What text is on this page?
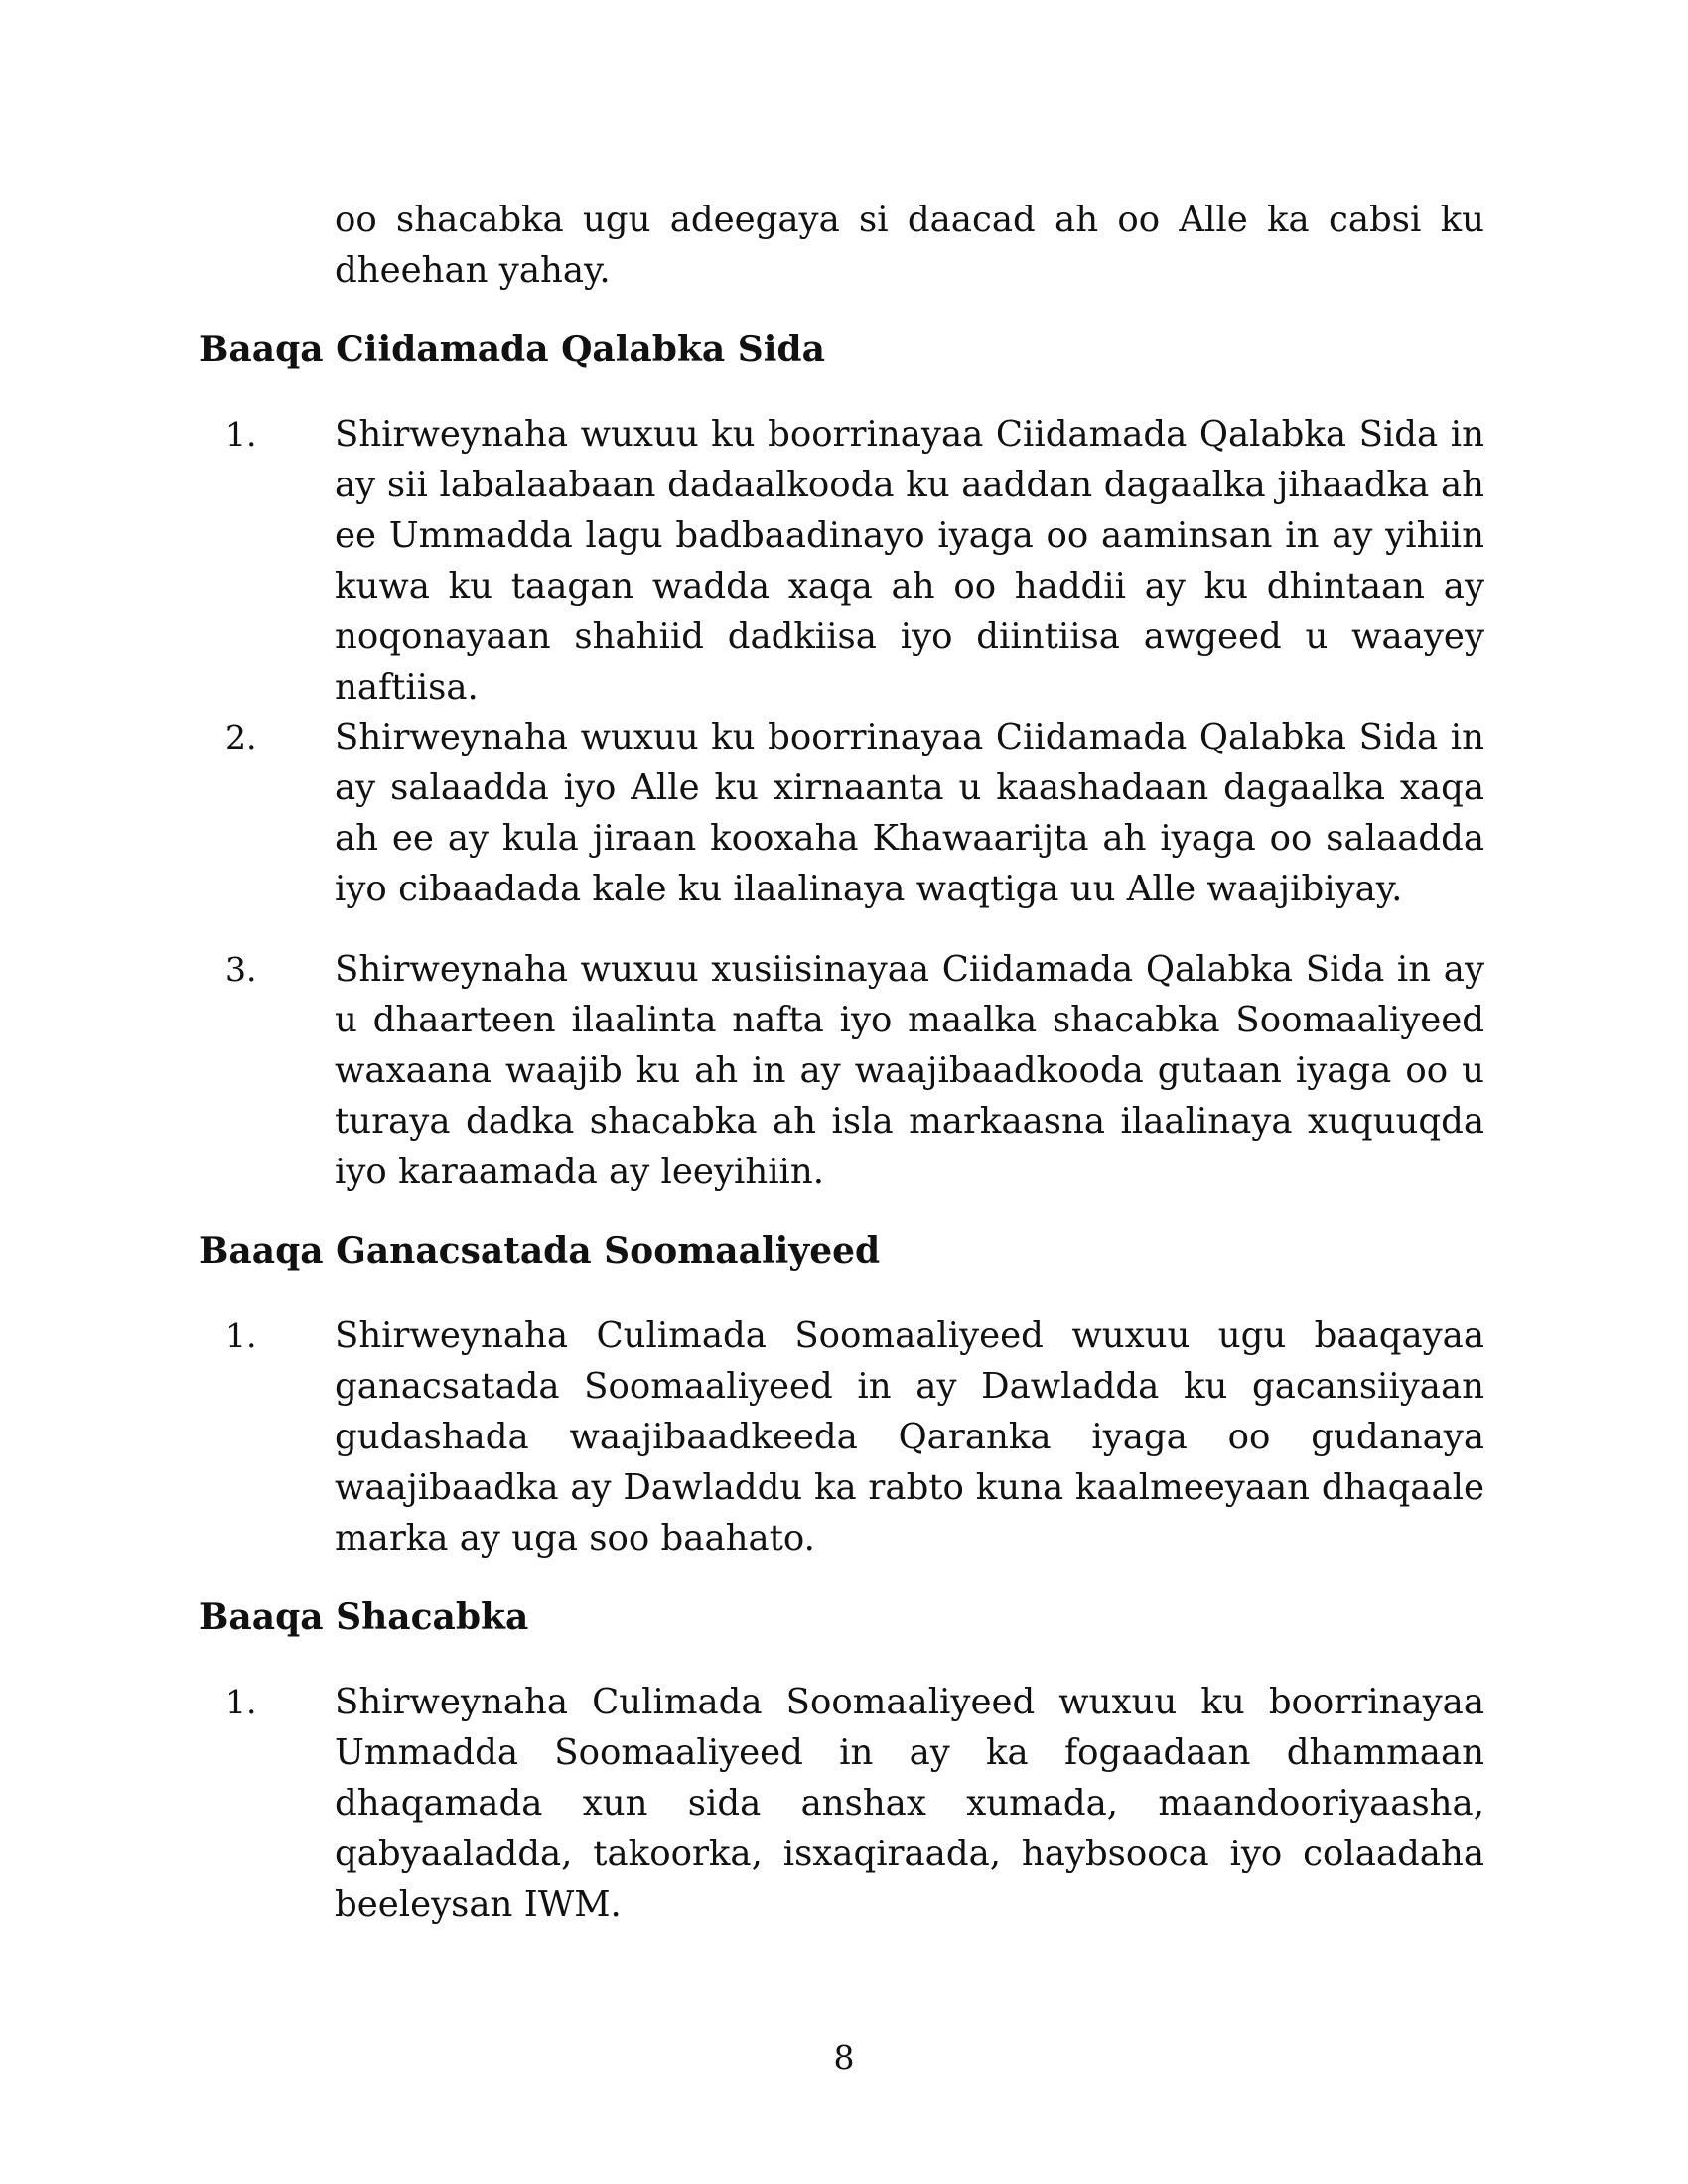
oo shacabka ugu adeegaya si daacad ah oo Alle ka cabsi ku dheehan yahay.

Baaqa Ciidamada Qalabka Sida
1. Shirweynaha wuxuu ku boorrinayaa Ciidamada Qalabka Sida in ay sii labalaabaan dadaalkooda ku aaddan dagaalka jihaadka ah ee Ummadda lagu badbaadinayo iyaga oo aaminsan in ay yihiin kuwa ku taagan wadda xaqa ah oo haddii ay ku dhintaan ay noqonayaan shahiid dadkiisa iyo diintiisa awgeed u waayey naftiisa.

2. Shirweynaha wuxuu ku boorrinayaa Ciidamada Qalabka Sida in ay salaadda iyo Alle ku xirnaanta u kaashadaan dagaalka xaqa ah ee ay kula jiraan kooxaha Khawaarijta ah iyaga oo salaadda iyo cibaadada kale ku ilaalinaya waqtiga uu Alle waajibiyay.

3. Shirweynaha wuxuu xusiisinayaa Ciidamada Qalabka Sida in ay u dhaarteen ilaalinta nafta iyo maalka shacabka Soomaaliyeed waxaana waajib ku ah in ay waajibaadkooda gutaan iyaga oo u turaya dadka shacabka ah isla markaasna ilaalinaya xuquuqda iyo karaamada ay leeyihiin.

Baaqa Ganacsatada Soomaaliyeed
1. Shirweynaha Culimada Soomaaliyeed wuxuu ugu baaqayaa ganacsatada Soomaaliyeed in ay Dawladda ku gacansiiyaan gudashada waajibaadkeeda Qaranka iyaga oo gudanaya waajibaadka ay Dawladdu ka rabto kuna kaalmeeyaan dhaqaale marka ay uga soo baahato.

Baaqa Shacabka
1. Shirweynaha Culimada Soomaaliyeed wuxuu ku boorrinayaa Ummadda Soomaaliyeed in ay ka fogaadaan dhammaan dhaqamada xun sida anshax xumada, maandooriyaasha, qabyaaladda, takoorka, isxaqiraada, haybsooca iyo colaadaha beeleysan IWM.

8
